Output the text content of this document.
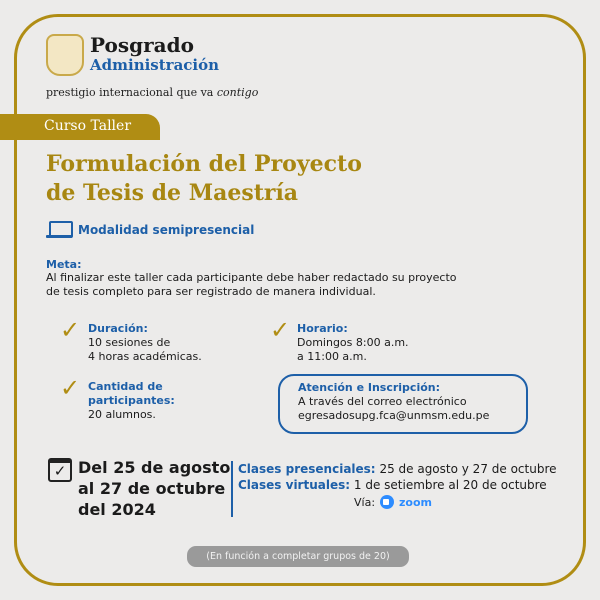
Posgrado
Administración
prestigio internacional que va contigo
Curso Taller
Formulación del Proyecto
de Tesis de Maestría
Modalidad semipresencial
Meta:
Al finalizar este taller cada participante debe haber redactado su proyecto
de tesis completo para ser registrado de manera individual.
✓ Duración:
10 sesiones de
4 horas académicas.
✓ Horario:
Domingos 8:00 a.m.
a 11:00 a.m.
✓ Cantidad de
participantes:
20 alumnos.
Atención e Inscripción:
A través del correo electrónico
egresadosupg.fca@unmsm.edu.pe
✓ Del 25 de agosto
al 27 de octubre
del 2024
Clases presenciales: 25 de agosto y 27 de octubre
Clases virtuales: 1 de setiembre al 20 de octubre
Vía: zoom
(En función a completar grupos de 20)
